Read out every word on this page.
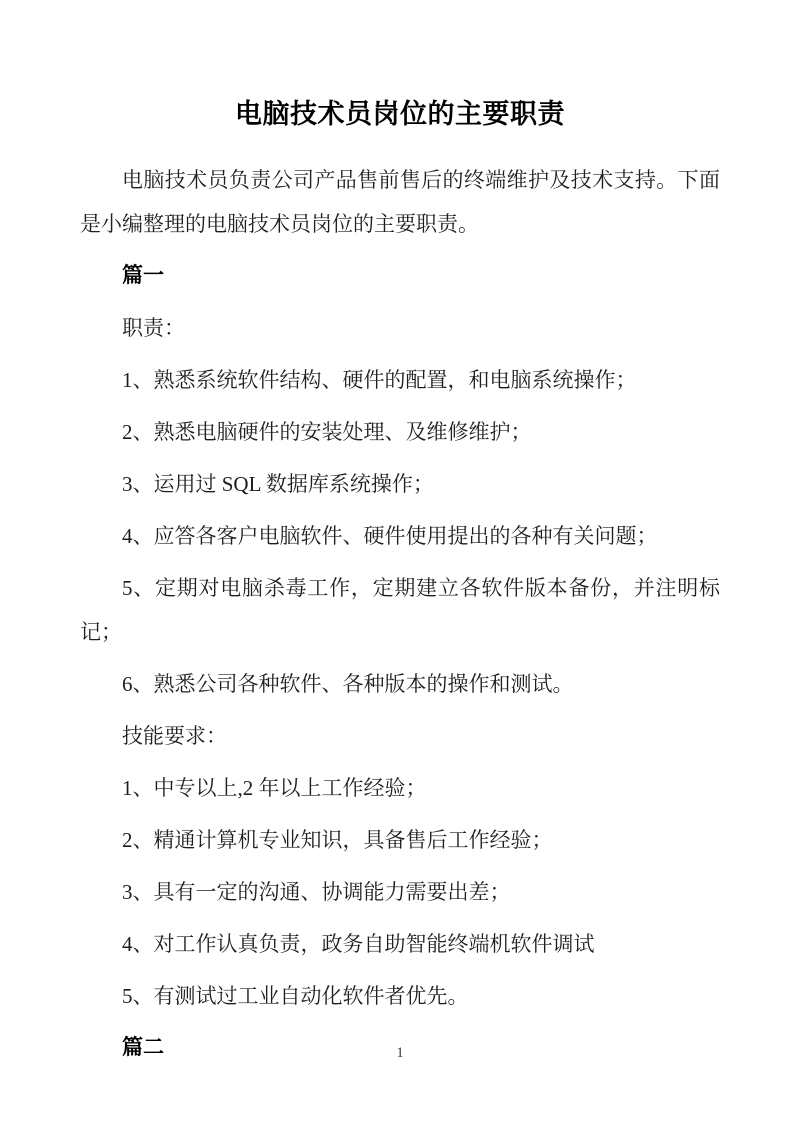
电脑技术员岗位的主要职责

电脑技术员负责公司产品售前售后的终端维护及技术支持。下面是小编整理的电脑技术员岗位的主要职责。

篇一

职责：

1、熟悉系统软件结构、硬件的配置，和电脑系统操作；

2、熟悉电脑硬件的安装处理、及维修维护；

3、运用过 SQL 数据库系统操作；

4、应答各客户电脑软件、硬件使用提出的各种有关问题；

5、定期对电脑杀毒工作，定期建立各软件版本备份，并注明标记；

6、熟悉公司各种软件、各种版本的操作和测试。

技能要求：

1、中专以上,2 年以上工作经验；

2、精通计算机专业知识，具备售后工作经验；

3、具有一定的沟通、协调能力需要出差；

4、对工作认真负责，政务自助智能终端机软件调试

5、有测试过工业自动化软件者优先。

篇二	1
